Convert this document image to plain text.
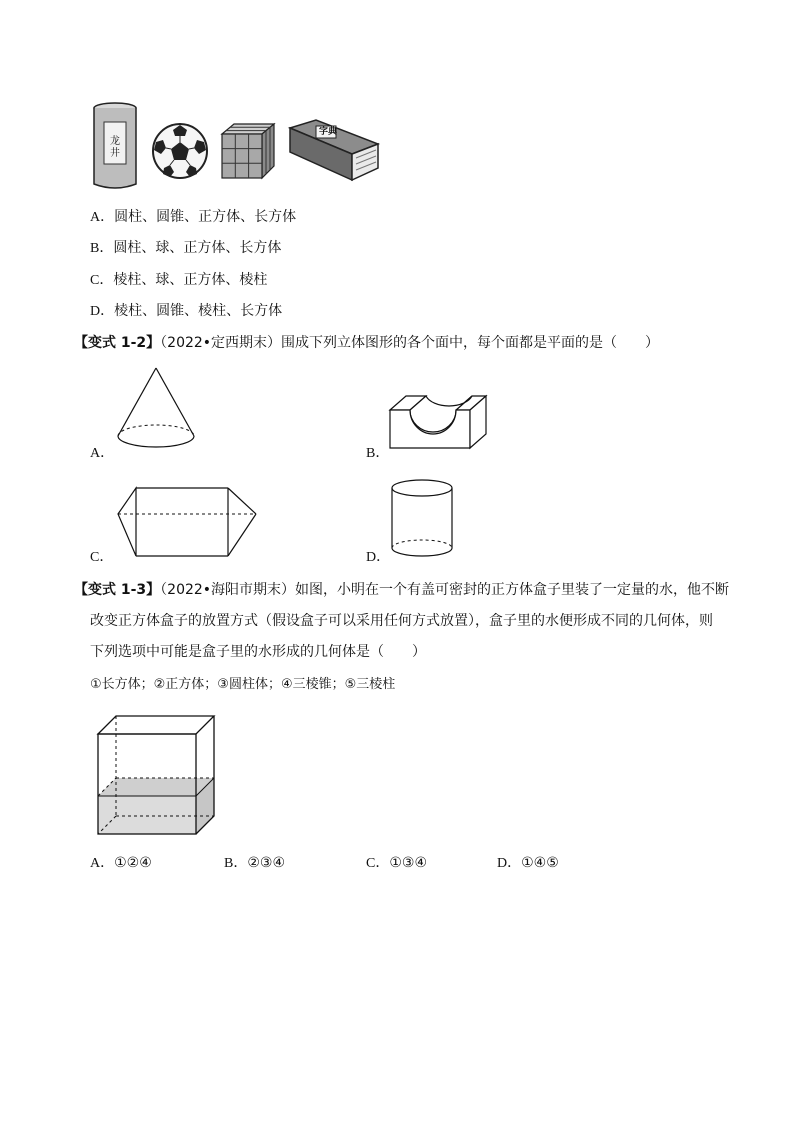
龙井
字典
A．圆柱、圆锥、正方体、长方体
B．圆柱、球、正方体、长方体
C．棱柱、球、正方体、棱柱
D．棱柱、圆锥、棱柱、长方体
【变式 1-2】（2022•定西期末）围成下列立体图形的各个面中，每个面都是平面的是（　　）
A．	B．
C．	D．
【变式 1-3】（2022•海阳市期末）如图，小明在一个有盖可密封的正方体盒子里装了一定量的水，他不断
改变正方体盒子的放置方式（假设盒子可以采用任何方式放置），盒子里的水便形成不同的几何体，则
下列选项中可能是盒子里的水形成的几何体是（　　）
①长方体；②正方体；③圆柱体；④三棱锥；⑤三棱柱
A．①②④	B．②③④	C．①③④	D．①④⑤
